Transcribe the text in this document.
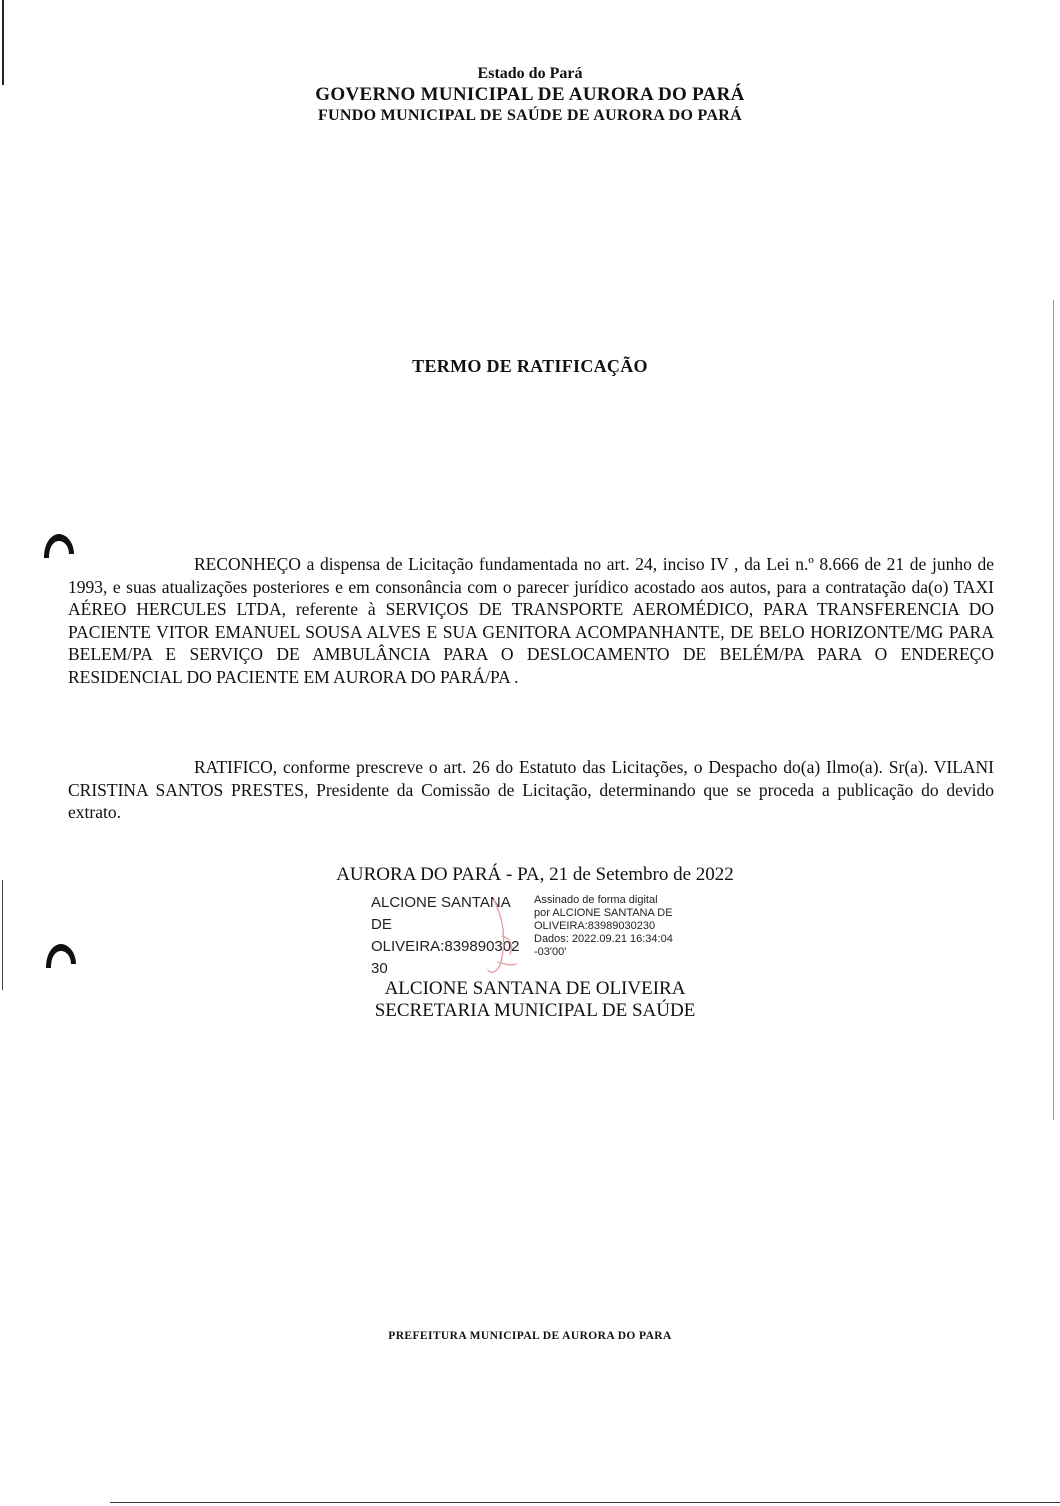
Estado do Pará
GOVERNO MUNICIPAL DE AURORA DO PARÁ
FUNDO MUNICIPAL DE SAÚDE DE AURORA DO PARÁ
TERMO DE RATIFICAÇÃO

RECONHEÇO a dispensa de Licitação fundamentada no art. 24, inciso IV , da Lei n.º 8.666 de 21 de junho de 1993, e suas atualizações posteriores e em consonância com o parecer jurídico acostado aos autos, para a contratação da(o) TAXI AÉREO HERCULES LTDA, referente à SERVIÇOS DE TRANSPORTE AEROMÉDICO, PARA TRANSFERENCIA DO PACIENTE VITOR EMANUEL SOUSA ALVES E SUA GENITORA ACOMPANHANTE, DE BELO HORIZONTE/MG PARA BELEM/PA E SERVIÇO DE AMBULÂNCIA PARA O DESLOCAMENTO DE BELÉM/PA PARA O ENDEREÇO RESIDENCIAL DO PACIENTE EM AURORA DO PARÁ/PA .

RATIFICO, conforme prescreve o art. 26 do Estatuto das Licitações, o Despacho do(a) Ilmo(a). Sr(a). VILANI CRISTINA SANTOS PRESTES, Presidente da Comissão de Licitação, determinando que se proceda a publicação do devido extrato.

AURORA DO PARÁ - PA, 21 de Setembro de 2022
ALCIONE SANTANA
DE
OLIVEIRA:839890302
30
Assinado de forma digital
por ALCIONE SANTANA DE
OLIVEIRA:83989030230
Dados: 2022.09.21 16:34:04
-03'00'
ALCIONE SANTANA DE OLIVEIRA
SECRETARIA MUNICIPAL DE SAÚDE
PREFEITURA MUNICIPAL DE AURORA DO PARA
